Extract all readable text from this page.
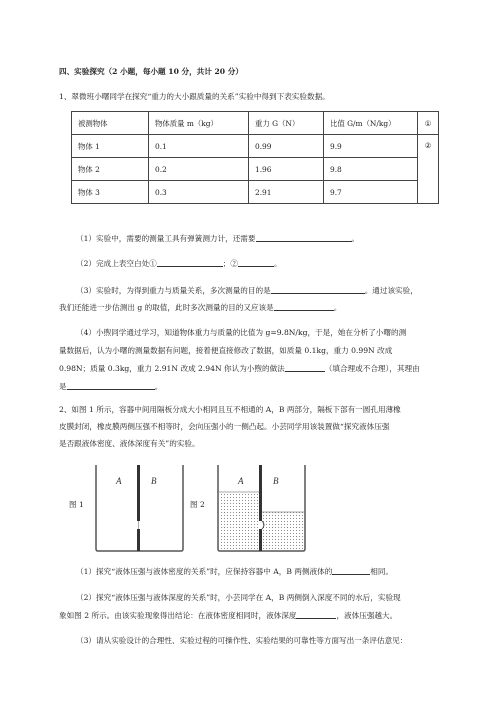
四、实验探究（2 小题，每小题 10 分，共计 20 分）
1、翠微班小曙同学在探究“重力的大小跟质量的关系”实验中得到下表实验数据。
被测物体	物体质量 m（kg）	重力 G（N）	比值 G/m（N/kg）	①
物体 1	0.1	0.99	9.9	②
物体 2	0.2	1.96	9.8	
物体 3	0.3	2.91	9.7	
（1）实验中，需要的测量工具有弹簧测力计，还需要	。
（2）完成上表空白处①	；②	。
（3）实验时，为得到重力与质量关系，多次测量的目的是	。通过该实验，
我们还能进一步估测出 g 的取值，此时多次测量的目的又应该是	。
（4）小煦同学通过学习，知道物体重力与质量的比值为 g=9.8N/kg，于是，她在分析了小曙的测
量数据后，认为小曙的测量数据有问题，接着便直接修改了数据，如质量 0.1kg，重力 0.99N 改成
0.98N；质量 0.3kg，重力 2.91N 改成 2.94N 你认为小煦的做法	（填合理或不合理），其理由
是	。
2、如图 1 所示，容器中间用隔板分成大小相同且互不相通的 A，B 两部分，隔板下部有一圆孔用薄橡
皮膜封闭，橡皮膜两侧压强不相等时，会向压强小的一侧凸起。小芸同学用该装置做“探究液体压强
是否跟液体密度、液体深度有关”的实验。
图 1
A	B
图 2
A	B
（1）探究“液体压强与液体密度的关系”时，应保持容器中 A，B 两侧液体的	相同。
（2）探究“液体压强与液体深度的关系”时，小芸同学在 A，B 两侧倒入深度不同的水后，实验现
象如图 2 所示。由该实验现象得出结论：在液体密度相同时，液体深度	，液体压强越大。
（3）请从实验设计的合理性、实验过程的可操作性、实验结果的可靠性等方面写出一条评估意见：
